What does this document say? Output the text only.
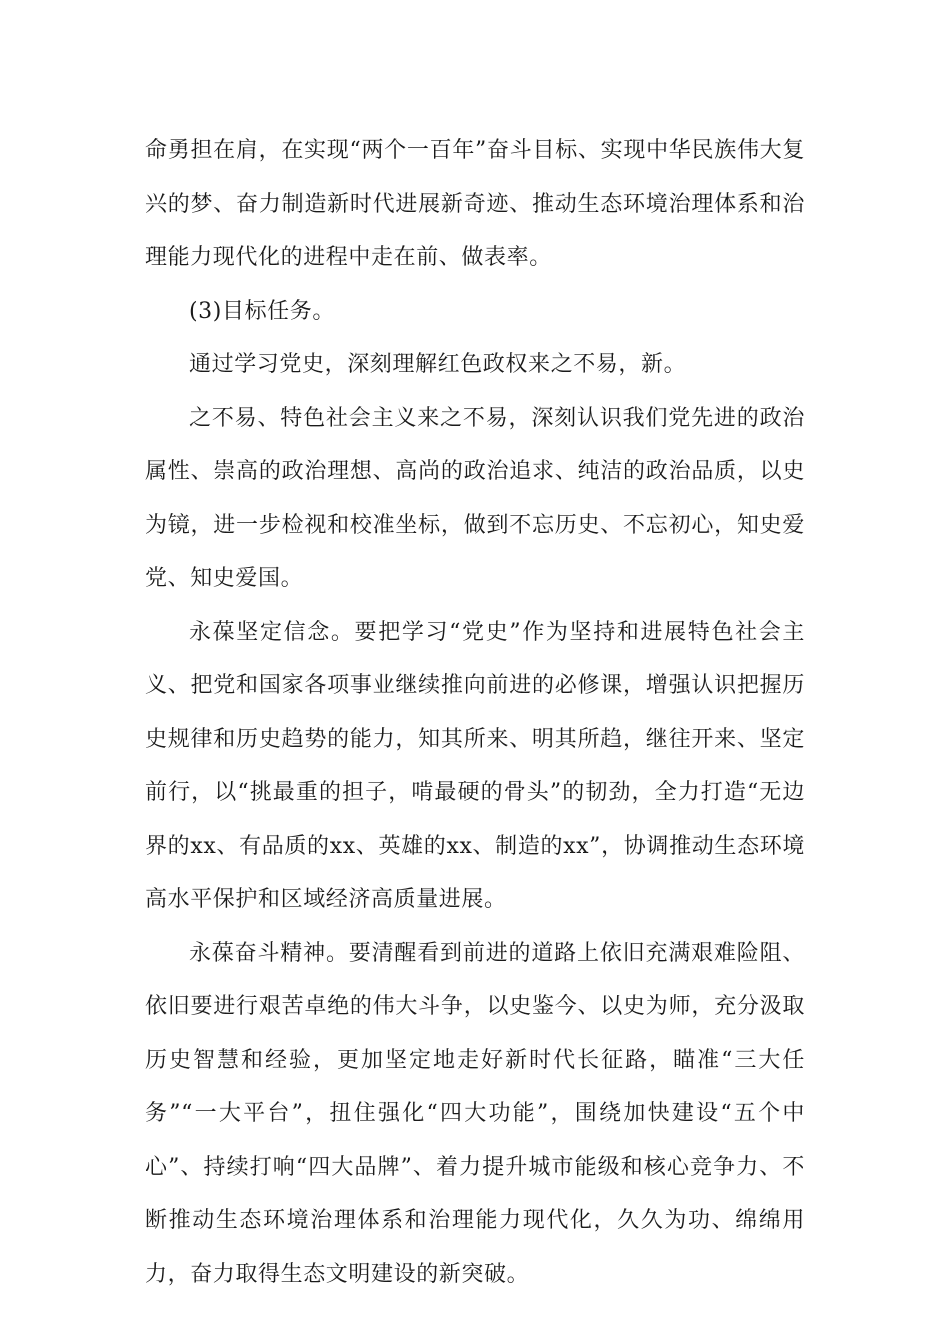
命勇担在肩，在实现“两个一百年”奋斗目标、实现中华民族伟大复兴的梦、奋力制造新时代进展新奇迹、推动生态环境治理体系和治理能力现代化的进程中走在前、做表率。

(3)目标任务。

通过学习党史，深刻理解红色政权来之不易，新。

之不易、特色社会主义来之不易，深刻认识我们党先进的政治属性、崇高的政治理想、高尚的政治追求、纯洁的政治品质，以史为镜，进一步检视和校准坐标，做到不忘历史、不忘初心，知史爱党、知史爱国。

永葆坚定信念。要把学习“党史”作为坚持和进展特色社会主义、把党和国家各项事业继续推向前进的必修课，增强认识把握历史规律和历史趋势的能力，知其所来、明其所趋，继往开来、坚定前行，以“挑最重的担子，啃最硬的骨头”的韧劲，全力打造“无边界的xx、有品质的xx、英雄的xx、制造的xx”，协调推动生态环境高水平保护和区域经济高质量进展。

永葆奋斗精神。要清醒看到前进的道路上依旧充满艰难险阻、依旧要进行艰苦卓绝的伟大斗争，以史鉴今、以史为师，充分汲取历史智慧和经验，更加坚定地走好新时代长征路，瞄准“三大任务”“一大平台”，扭住强化“四大功能”，围绕加快建设“五个中心”、持续打响“四大品牌”、着力提升城市能级和核心竞争力、不断推动生态环境治理体系和治理能力现代化，久久为功、绵绵用力，奋力取得生态文明建设的新突破。
